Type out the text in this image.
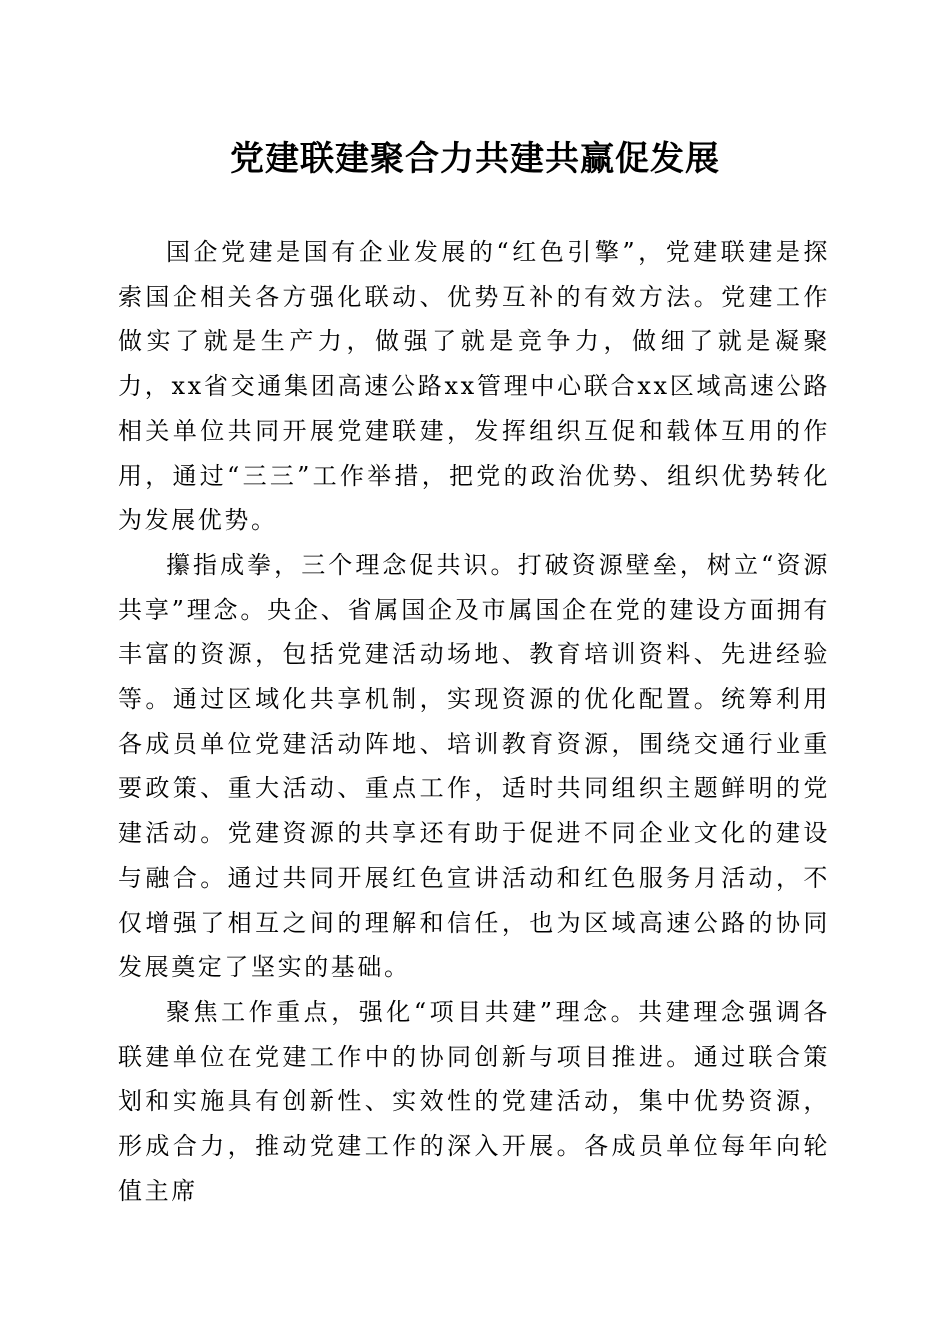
党建联建聚合力共建共赢促发展

国企党建是国有企业发展的“红色引擎”，党建联建是探索国企相关各方强化联动、优势互补的有效方法。党建工作做实了就是生产力，做强了就是竞争力，做细了就是凝聚力，xx省交通集团高速公路xx管理中心联合xx区域高速公路相关单位共同开展党建联建，发挥组织互促和载体互用的作用，通过“三三”工作举措，把党的政治优势、组织优势转化为发展优势。

攥指成拳，三个理念促共识。打破资源壁垒，树立“资源共享”理念。央企、省属国企及市属国企在党的建设方面拥有丰富的资源，包括党建活动场地、教育培训资料、先进经验等。通过区域化共享机制，实现资源的优化配置。统筹利用各成员单位党建活动阵地、培训教育资源，围绕交通行业重要政策、重大活动、重点工作，适时共同组织主题鲜明的党建活动。党建资源的共享还有助于促进不同企业文化的建设与融合。通过共同开展红色宣讲活动和红色服务月活动，不仅增强了相互之间的理解和信任，也为区域高速公路的协同发展奠定了坚实的基础。

聚焦工作重点，强化“项目共建”理念。共建理念强调各联建单位在党建工作中的协同创新与项目推进。通过联合策划和实施具有创新性、实效性的党建活动，集中优势资源，形成合力，推动党建工作的深入开展。各成员单位每年向轮值主席
